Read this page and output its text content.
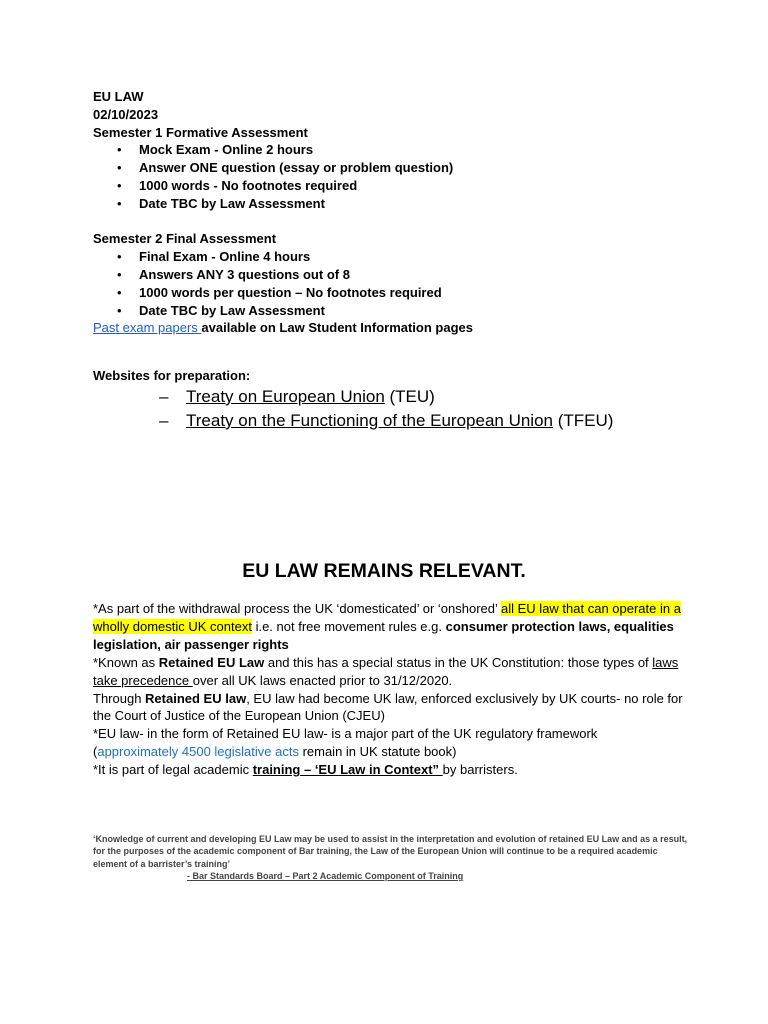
EU LAW
02/10/2023
Semester 1 Formative Assessment
• Mock Exam - Online 2 hours
• Answer ONE question (essay or problem question)
• 1000 words - No footnotes required
• Date TBC by Law Assessment
Semester 2 Final Assessment
• Final Exam - Online 4 hours
• Answers ANY 3 questions out of 8
• 1000 words per question – No footnotes required
• Date TBC by Law Assessment
Past exam papers available on Law Student Information pages
Websites for preparation:
– Treaty on European Union (TEU)
– Treaty on the Functioning of the European Union (TFEU)
EU LAW REMAINS RELEVANT.

*As part of the withdrawal process the UK ‘domesticated’ or ‘onshored’ all EU law that can operate in a wholly domestic UK context i.e. not free movement rules e.g. consumer protection laws, equalities legislation, air passenger rights

*Known as Retained EU Law and this has a special status in the UK Constitution: those types of laws take precedence over all UK laws enacted prior to 31/12/2020.

Through Retained EU law, EU law had become UK law, enforced exclusively by UK courts- no role for the Court of Justice of the European Union (CJEU)

*EU law- in the form of Retained EU law- is a major part of the UK regulatory framework (approximately 4500 legislative acts remain in UK statute book)

*It is part of legal academic training – ‘EU Law in Context” by barristers.

‘Knowledge of current and developing EU Law may be used to assist in the interpretation and evolution of retained EU Law and as a result, for the purposes of the academic component of Bar training, the Law of the European Union will continue to be a required academic element of a barrister’s training’

- Bar Standards Board – Part 2 Academic Component of Training
